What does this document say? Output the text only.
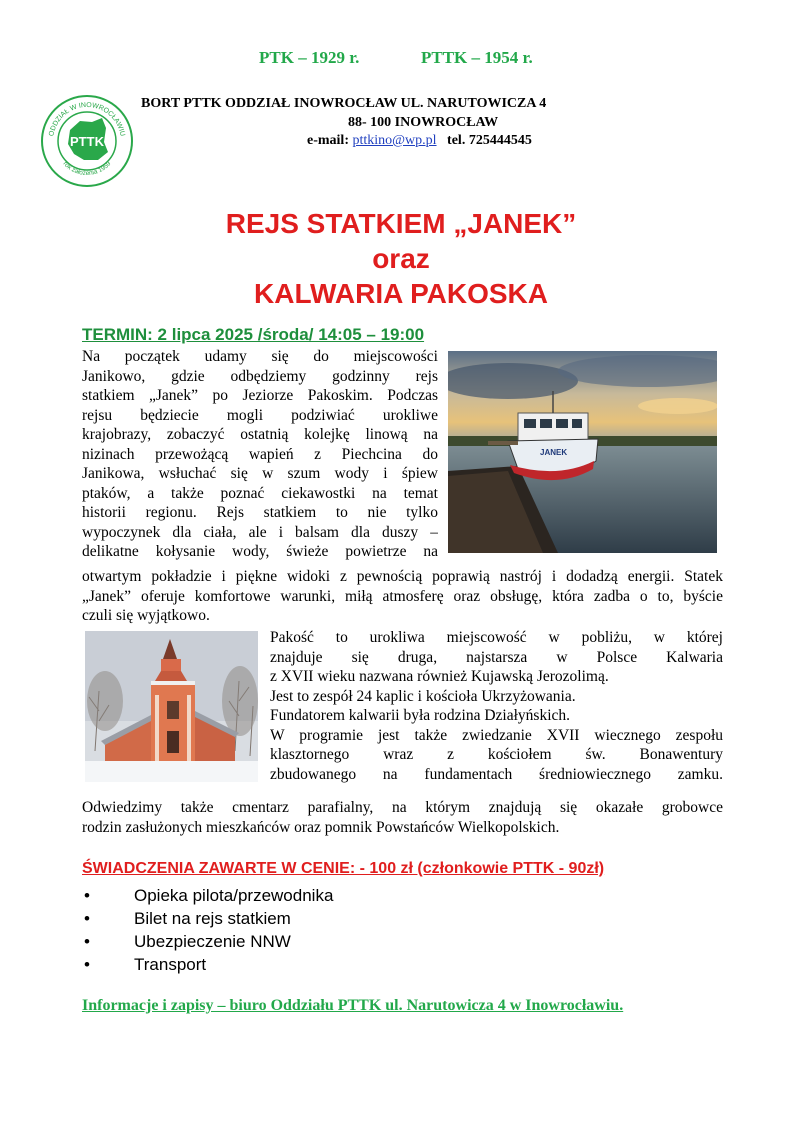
PTK – 1929 r.	PTTK – 1954 r.
PTTK
ODDZIAŁ W INOWROCŁAWIU
rok założenia 1959
BORT PTTK ODDZIAŁ INOWROCŁAW UL. NARUTOWICZA 4
88- 100 INOWROCŁAW
e-mail: pttkino@wp.pl tel. 725444545
REJS STATKIEM „JANEK”
oraz
KALWARIA PAKOSKA
TERMIN: 2 lipca 2025 /środa/ 14:05 – 19:00
JANEK
Na początek udamy się do miejscowości
Janikowo, gdzie odbędziemy godzinny rejs
statkiem „Janek” po Jeziorze Pakoskim. Podczas
rejsu będziecie mogli podziwiać urokliwe
krajobrazy, zobaczyć ostatnią kolejkę linową na
nizinach przewożącą wapień z Piechcina do
Janikowa, wsłuchać się w szum wody i śpiew
ptaków, a także poznać ciekawostki na temat
historii regionu. Rejs statkiem to nie tylko
wypoczynek dla ciała, ale i balsam dla duszy –
delikatne kołysanie wody, świeże powietrze na
otwartym pokładzie i piękne widoki z pewnością poprawią nastrój i dodadzą energii. Statek
„Janek” oferuje komfortowe warunki, miłą atmosferę oraz obsługę, która zadba o to, byście
czuli się wyjątkowo.
Pakość to urokliwa miejscowość w pobliżu, w której
znajduje się druga, najstarsza w Polsce Kalwaria
z XVII wieku nazwana również Kujawską Jerozolimą.
Jest to zespół 24 kaplic i kościoła Ukrzyżowania.
Fundatorem kalwarii była rodzina Działyńskich.
W programie jest także zwiedzanie XVII wiecznego zespołu
klasztornego wraz z kościołem św. Bonawentury
zbudowanego na fundamentach średniowiecznego zamku.
Odwiedzimy także cmentarz parafialny, na którym znajdują się okazałe grobowce
rodzin zasłużonych mieszkańców oraz pomnik Powstańców Wielkopolskich.
ŚWIADCZENIA ZAWARTE W CENIE: - 100 zł (członkowie PTTK - 90zł)
•	Opieka pilota/przewodnika
•	Bilet na rejs statkiem
•	Ubezpieczenie NNW
•	Transport
Informacje i zapisy – biuro Oddziału PTTK ul. Narutowicza 4 w Inowrocławiu.
